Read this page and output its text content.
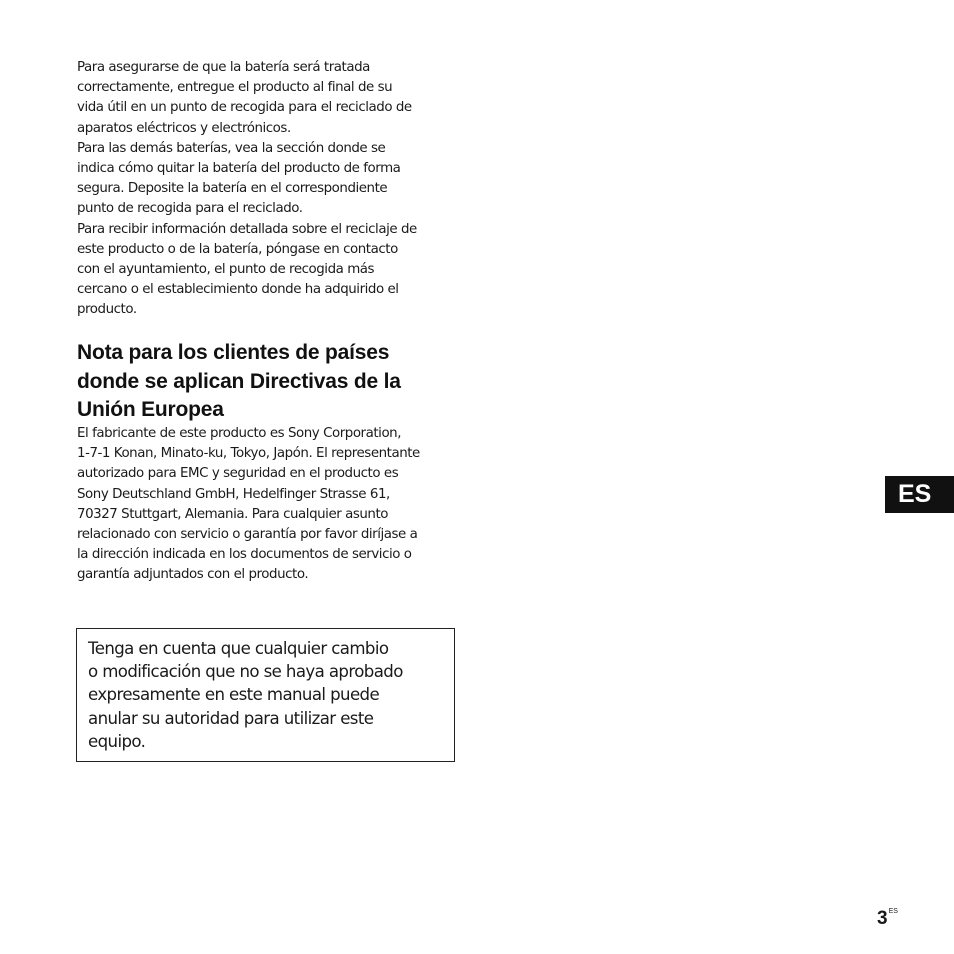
Para asegurarse de que la batería será tratada
correctamente, entregue el producto al final de su
vida útil en un punto de recogida para el reciclado de
aparatos eléctricos y electrónicos.
Para las demás baterías, vea la sección donde se
indica cómo quitar la batería del producto de forma
segura. Deposite la batería en el correspondiente
punto de recogida para el reciclado.
Para recibir información detallada sobre el reciclaje de
este producto o de la batería, póngase en contacto
con el ayuntamiento, el punto de recogida más
cercano o el establecimiento donde ha adquirido el
producto.
Nota para los clientes de países
donde se aplican Directivas de la
Unión Europea
El fabricante de este producto es Sony Corporation,
1-7-1 Konan, Minato-ku, Tokyo, Japón. El representante
autorizado para EMC y seguridad en el producto es
Sony Deutschland GmbH, Hedelfinger Strasse 61,
70327 Stuttgart, Alemania. Para cualquier asunto
relacionado con servicio o garantía por favor diríjase a
la dirección indicada en los documentos de servicio o
garantía adjuntados con el producto.
Tenga en cuenta que cualquier cambio
o modificación que no se haya aprobado
expresamente en este manual puede
anular su autoridad para utilizar este
equipo.
ES
$3^{ES}$
